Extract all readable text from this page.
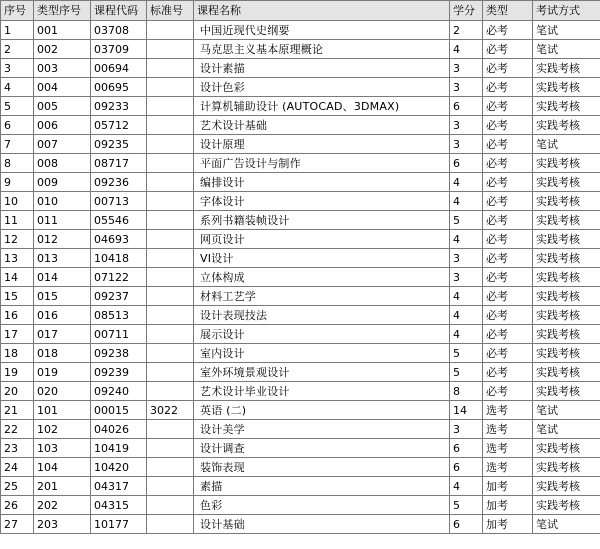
序号	类型序号	课程代码	标准号	课程名称	学分	类型	考试方式
1	001	03708		中国近现代史纲要	2	必考	笔试
2	002	03709		马克思主义基本原理概论	4	必考	笔试
3	003	00694		设计素描	3	必考	实践考核
4	004	00695		设计色彩	3	必考	实践考核
5	005	09233		计算机辅助设计 (AUTOCAD、3DMAX)	6	必考	实践考核
6	006	05712		艺术设计基础	3	必考	实践考核
7	007	09235		设计原理	3	必考	笔试
8	008	08717		平面广告设计与制作	6	必考	实践考核
9	009	09236		编排设计	4	必考	实践考核
10	010	00713		字体设计	4	必考	实践考核
11	011	05546		系列书籍装帧设计	5	必考	实践考核
12	012	04693		网页设计	4	必考	实践考核
13	013	10418		VI设计	3	必考	实践考核
14	014	07122		立体构成	3	必考	实践考核
15	015	09237		材料工艺学	4	必考	实践考核
16	016	08513		设计表现技法	4	必考	实践考核
17	017	00711		展示设计	4	必考	实践考核
18	018	09238		室内设计	5	必考	实践考核
19	019	09239		室外环境景观设计	5	必考	实践考核
20	020	09240		艺术设计毕业设计	8	必考	实践考核
21	101	00015	3022	英语 (二)	14	选考	笔试
22	102	04026		设计美学	3	选考	笔试
23	103	10419		设计调查	6	选考	实践考核
24	104	10420		装饰表现	6	选考	实践考核
25	201	04317		素描	4	加考	实践考核
26	202	04315		色彩	5	加考	实践考核
27	203	10177		设计基础	6	加考	笔试
